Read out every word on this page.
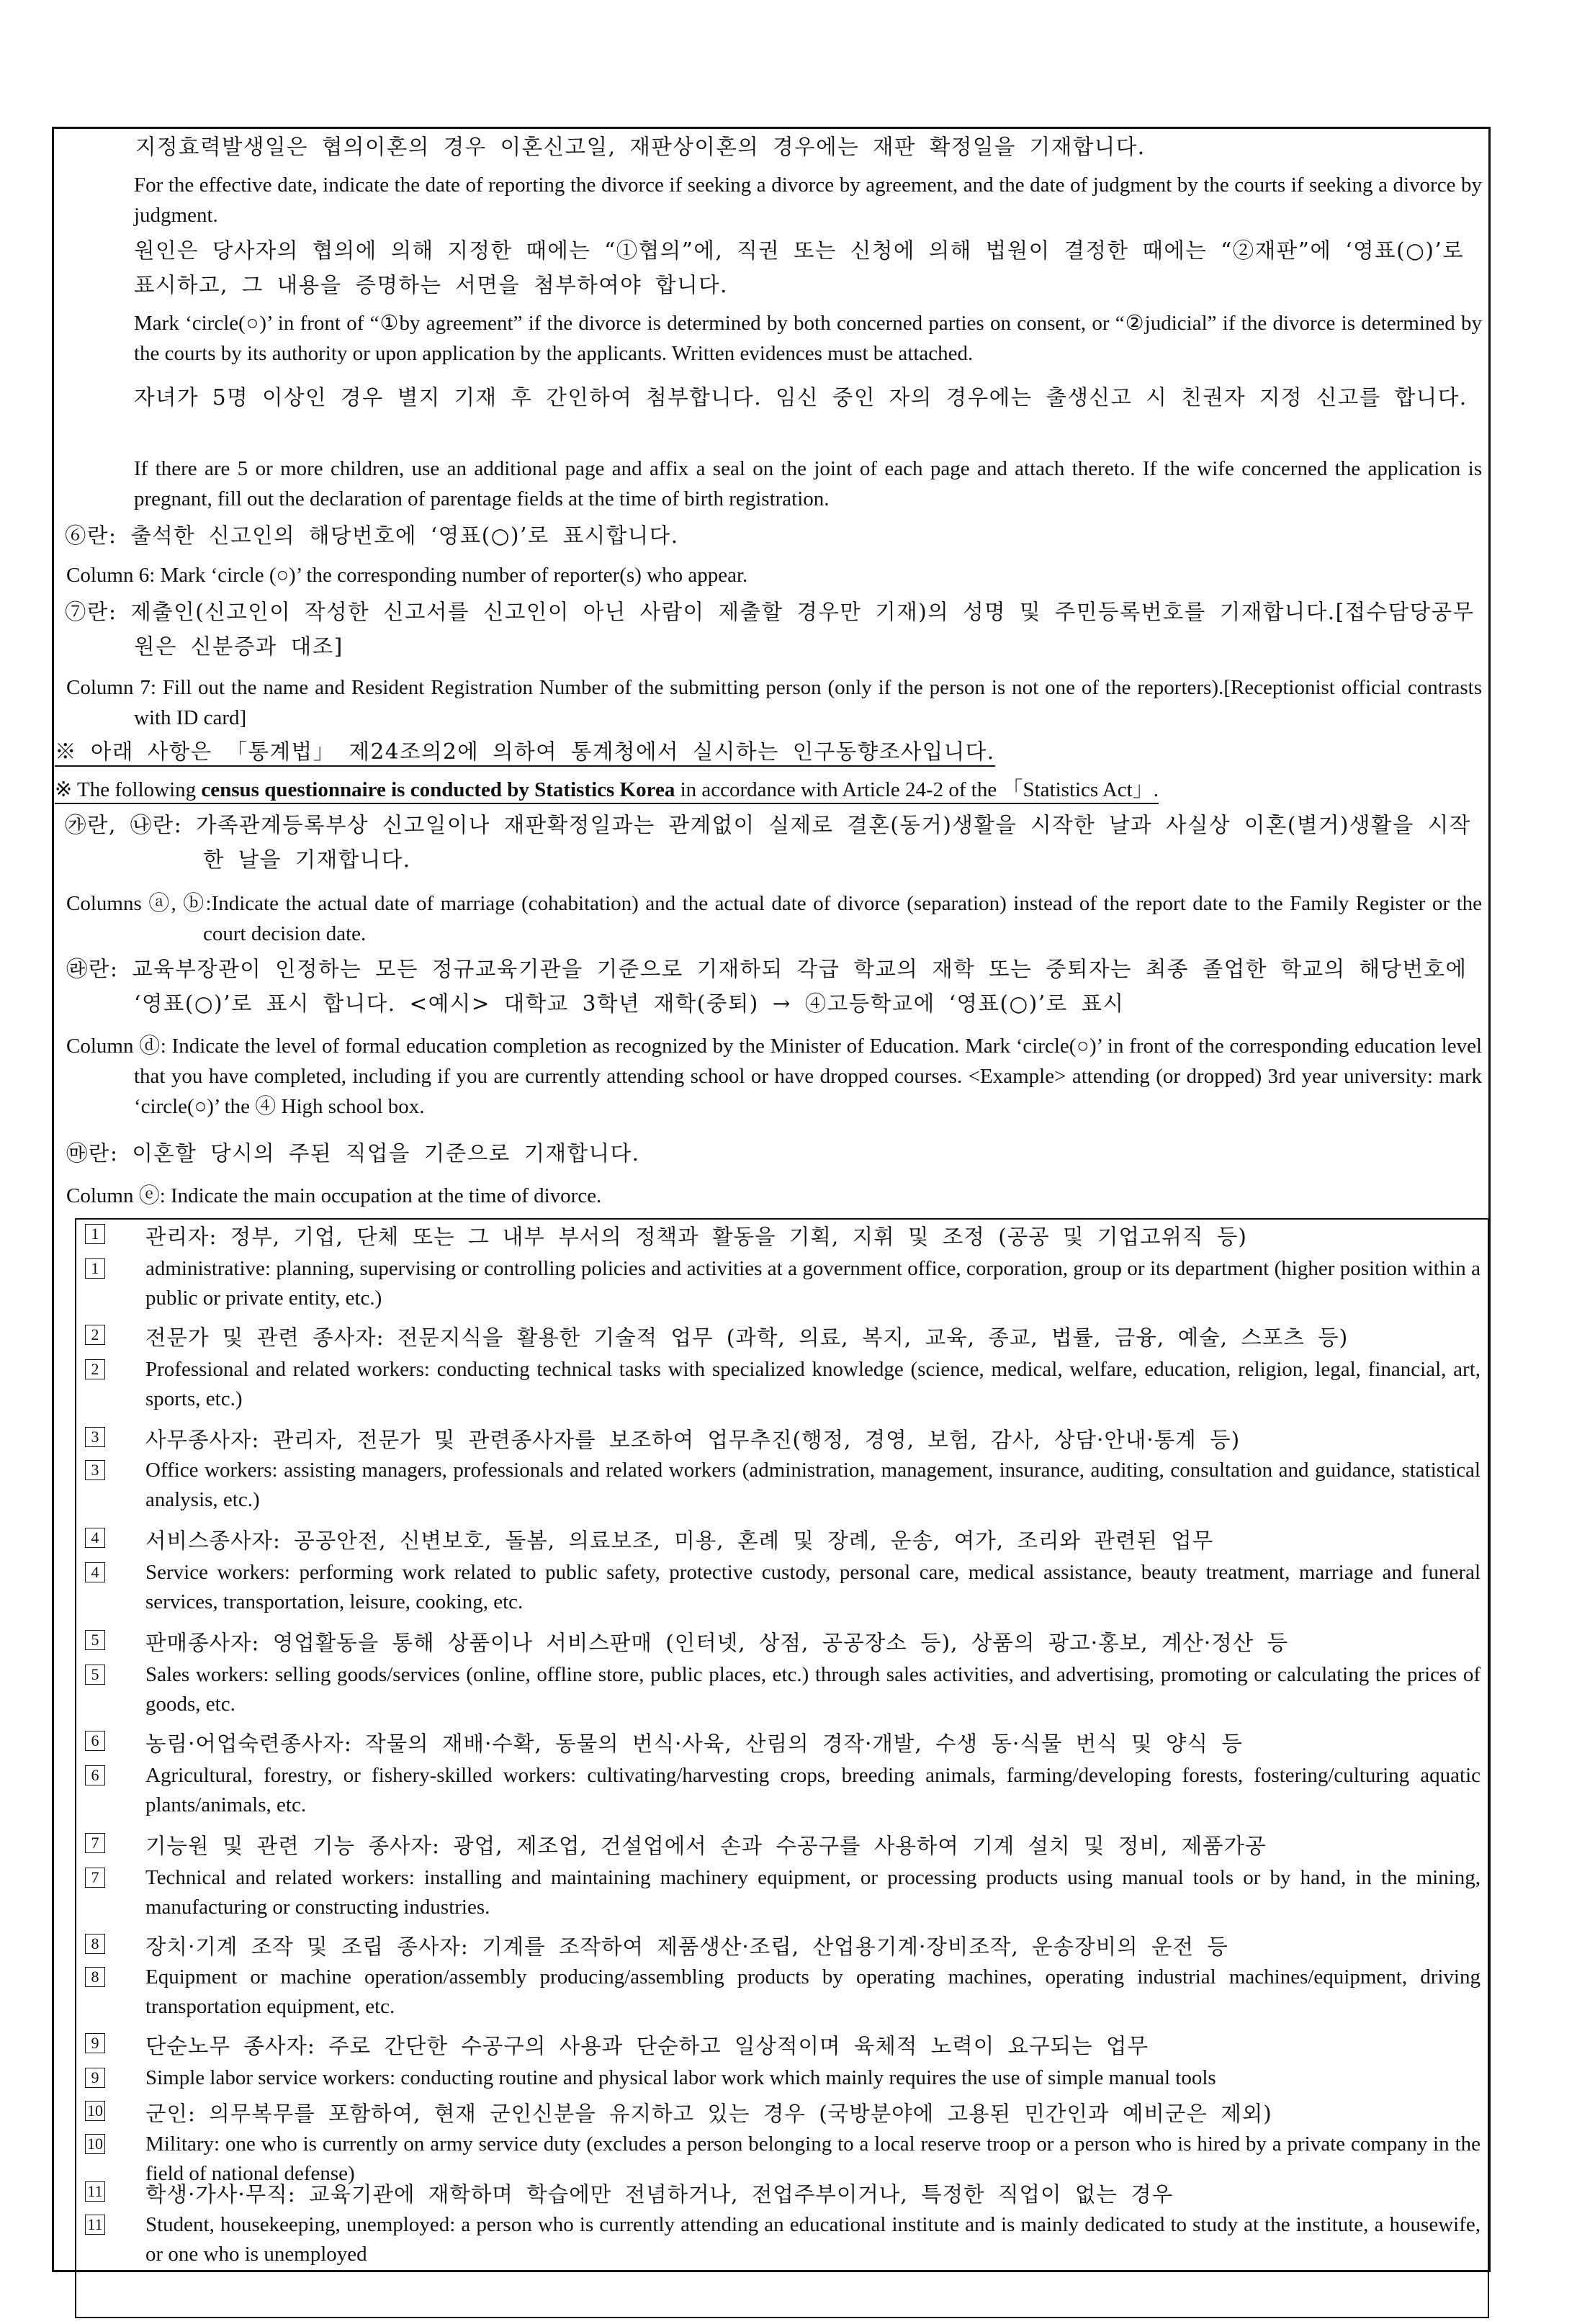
지정효력발생일은 협의이혼의 경우 이혼신고일, 재판상이혼의 경우에는 재판 확정일을 기재합니다.

For the effective date, indicate the date of reporting the divorce if seeking a divorce by agreement, and the date of judgment by the courts if seeking a divorce by judgment.

원인은 당사자의 협의에 의해 지정한 때에는 “①협의”에, 직권 또는 신청에 의해 법원이 결정한 때에는 “②재판”에 ‘영표(○)’로 표시하고, 그 내용을 증명하는 서면을 첨부하여야 합니다.

Mark ‘circle(○)’ in front of “①by agreement” if the divorce is determined by both concerned parties on consent, or “②judicial” if the divorce is determined by the courts by its authority or upon application by the applicants. Written evidences must be attached.

자녀가 5명 이상인 경우 별지 기재 후 간인하여 첨부합니다. 임신 중인 자의 경우에는 출생신고 시 친권자 지정 신고를 합니다.

If there are 5 or more children, use an additional page and affix a seal on the joint of each page and attach thereto. If the wife concerned the application is pregnant, fill out the declaration of parentage fields at the time of birth registration.

⑥란: 출석한 신고인의 해당번호에 ‘영표(○)’로 표시합니다.

Column 6: Mark ‘circle (○)’ the corresponding number of reporter(s) who appear.

⑦란: 제출인(신고인이 작성한 신고서를 신고인이 아닌 사람이 제출할 경우만 기재)의 성명 및 주민등록번호를 기재합니다.[접수담당공무원은 신분증과 대조]

Column 7: Fill out the name and Resident Registration Number of the submitting person (only if the person is not one of the reporters).[Receptionist official contrasts with ID card]

※ 아래 사항은 「통계법」 제24조의2에 의하여 통계청에서 실시하는 인구동향조사입니다.

※ The following census questionnaire is conducted by Statistics Korea in accordance with Article 24-2 of the 「Statistics Act」.

㉮란, ㉯란: 가족관계등록부상 신고일이나 재판확정일과는 관계없이 실제로 결혼(동거)생활을 시작한 날과 사실상 이혼(별거)생활을 시작한 날을 기재합니다.

Columns ⓐ, ⓑ:Indicate the actual date of marriage (cohabitation) and the actual date of divorce (separation) instead of the report date to the Family Register or the court decision date.

㉱란: 교육부장관이 인정하는 모든 정규교육기관을 기준으로 기재하되 각급 학교의 재학 또는 중퇴자는 최종 졸업한 학교의 해당번호에 ‘영표(○)’로 표시 합니다. <예시> 대학교 3학년 재학(중퇴) → ④고등학교에 ‘영표(○)’로 표시

Column ⓓ: Indicate the level of formal education completion as recognized by the Minister of Education. Mark ‘circle(○)’ in front of the corresponding education level that you have completed, including if you are currently attending school or have dropped courses. <Example> attending (or dropped) 3rd year university: mark ‘circle(○)’ the ④ High school box.

㉲란: 이혼할 당시의 주된 직업을 기준으로 기재합니다.

Column ⓔ: Indicate the main occupation at the time of divorce.

1 관리자: 정부, 기업, 단체 또는 그 내부 부서의 정책과 활동을 기획, 지휘 및 조정 (공공 및 기업고위직 등)
1 administrative: planning, supervising or controlling policies and activities at a government office, corporation, group or its department (higher position within a public or private entity, etc.)
2 전문가 및 관련 종사자: 전문지식을 활용한 기술적 업무 (과학, 의료, 복지, 교육, 종교, 법률, 금융, 예술, 스포츠 등)
2 Professional and related workers: conducting technical tasks with specialized knowledge (science, medical, welfare, education, religion, legal, financial, art, sports, etc.)
3 사무종사자: 관리자, 전문가 및 관련종사자를 보조하여 업무추진(행정, 경영, 보험, 감사, 상담·안내·통계 등)
3 Office workers: assisting managers, professionals and related workers (administration, management, insurance, auditing, consultation and guidance, statistical analysis, etc.)
4 서비스종사자: 공공안전, 신변보호, 돌봄, 의료보조, 미용, 혼례 및 장례, 운송, 여가, 조리와 관련된 업무
4 Service workers: performing work related to public safety, protective custody, personal care, medical assistance, beauty treatment, marriage and funeral services, transportation, leisure, cooking, etc.
5 판매종사자: 영업활동을 통해 상품이나 서비스판매 (인터넷, 상점, 공공장소 등), 상품의 광고·홍보, 계산·정산 등
5 Sales workers: selling goods/services (online, offline store, public places, etc.) through sales activities, and advertising, promoting or calculating the prices of goods, etc.
6 농림·어업숙련종사자: 작물의 재배·수확, 동물의 번식·사육, 산림의 경작·개발, 수생 동·식물 번식 및 양식 등
6 Agricultural, forestry, or fishery-skilled workers: cultivating/harvesting crops, breeding animals, farming/developing forests, fostering/culturing aquatic plants/animals, etc.
7 기능원 및 관련 기능 종사자: 광업, 제조업, 건설업에서 손과 수공구를 사용하여 기계 설치 및 정비, 제품가공
7 Technical and related workers: installing and maintaining machinery equipment, or processing products using manual tools or by hand, in the mining, manufacturing or constructing industries.
8 장치·기계 조작 및 조립 종사자: 기계를 조작하여 제품생산·조립, 산업용기계·장비조작, 운송장비의 운전 등
8 Equipment or machine operation/assembly producing/assembling products by operating machines, operating industrial machines/equipment, driving transportation equipment, etc.
9 단순노무 종사자: 주로 간단한 수공구의 사용과 단순하고 일상적이며 육체적 노력이 요구되는 업무
9 Simple labor service workers: conducting routine and physical labor work which mainly requires the use of simple manual tools
10 군인: 의무복무를 포함하여, 현재 군인신분을 유지하고 있는 경우 (국방분야에 고용된 민간인과 예비군은 제외)
10 Military: one who is currently on army service duty (excludes a person belonging to a local reserve troop or a person who is hired by a private company in the field of national defense)
11 학생·가사·무직: 교육기관에 재학하며 학습에만 전념하거나, 전업주부이거나, 특정한 직업이 없는 경우
11 Student, housekeeping, unemployed: a person who is currently attending an educational institute and is mainly dedicated to study at the institute, a housewife, or one who is unemployed
